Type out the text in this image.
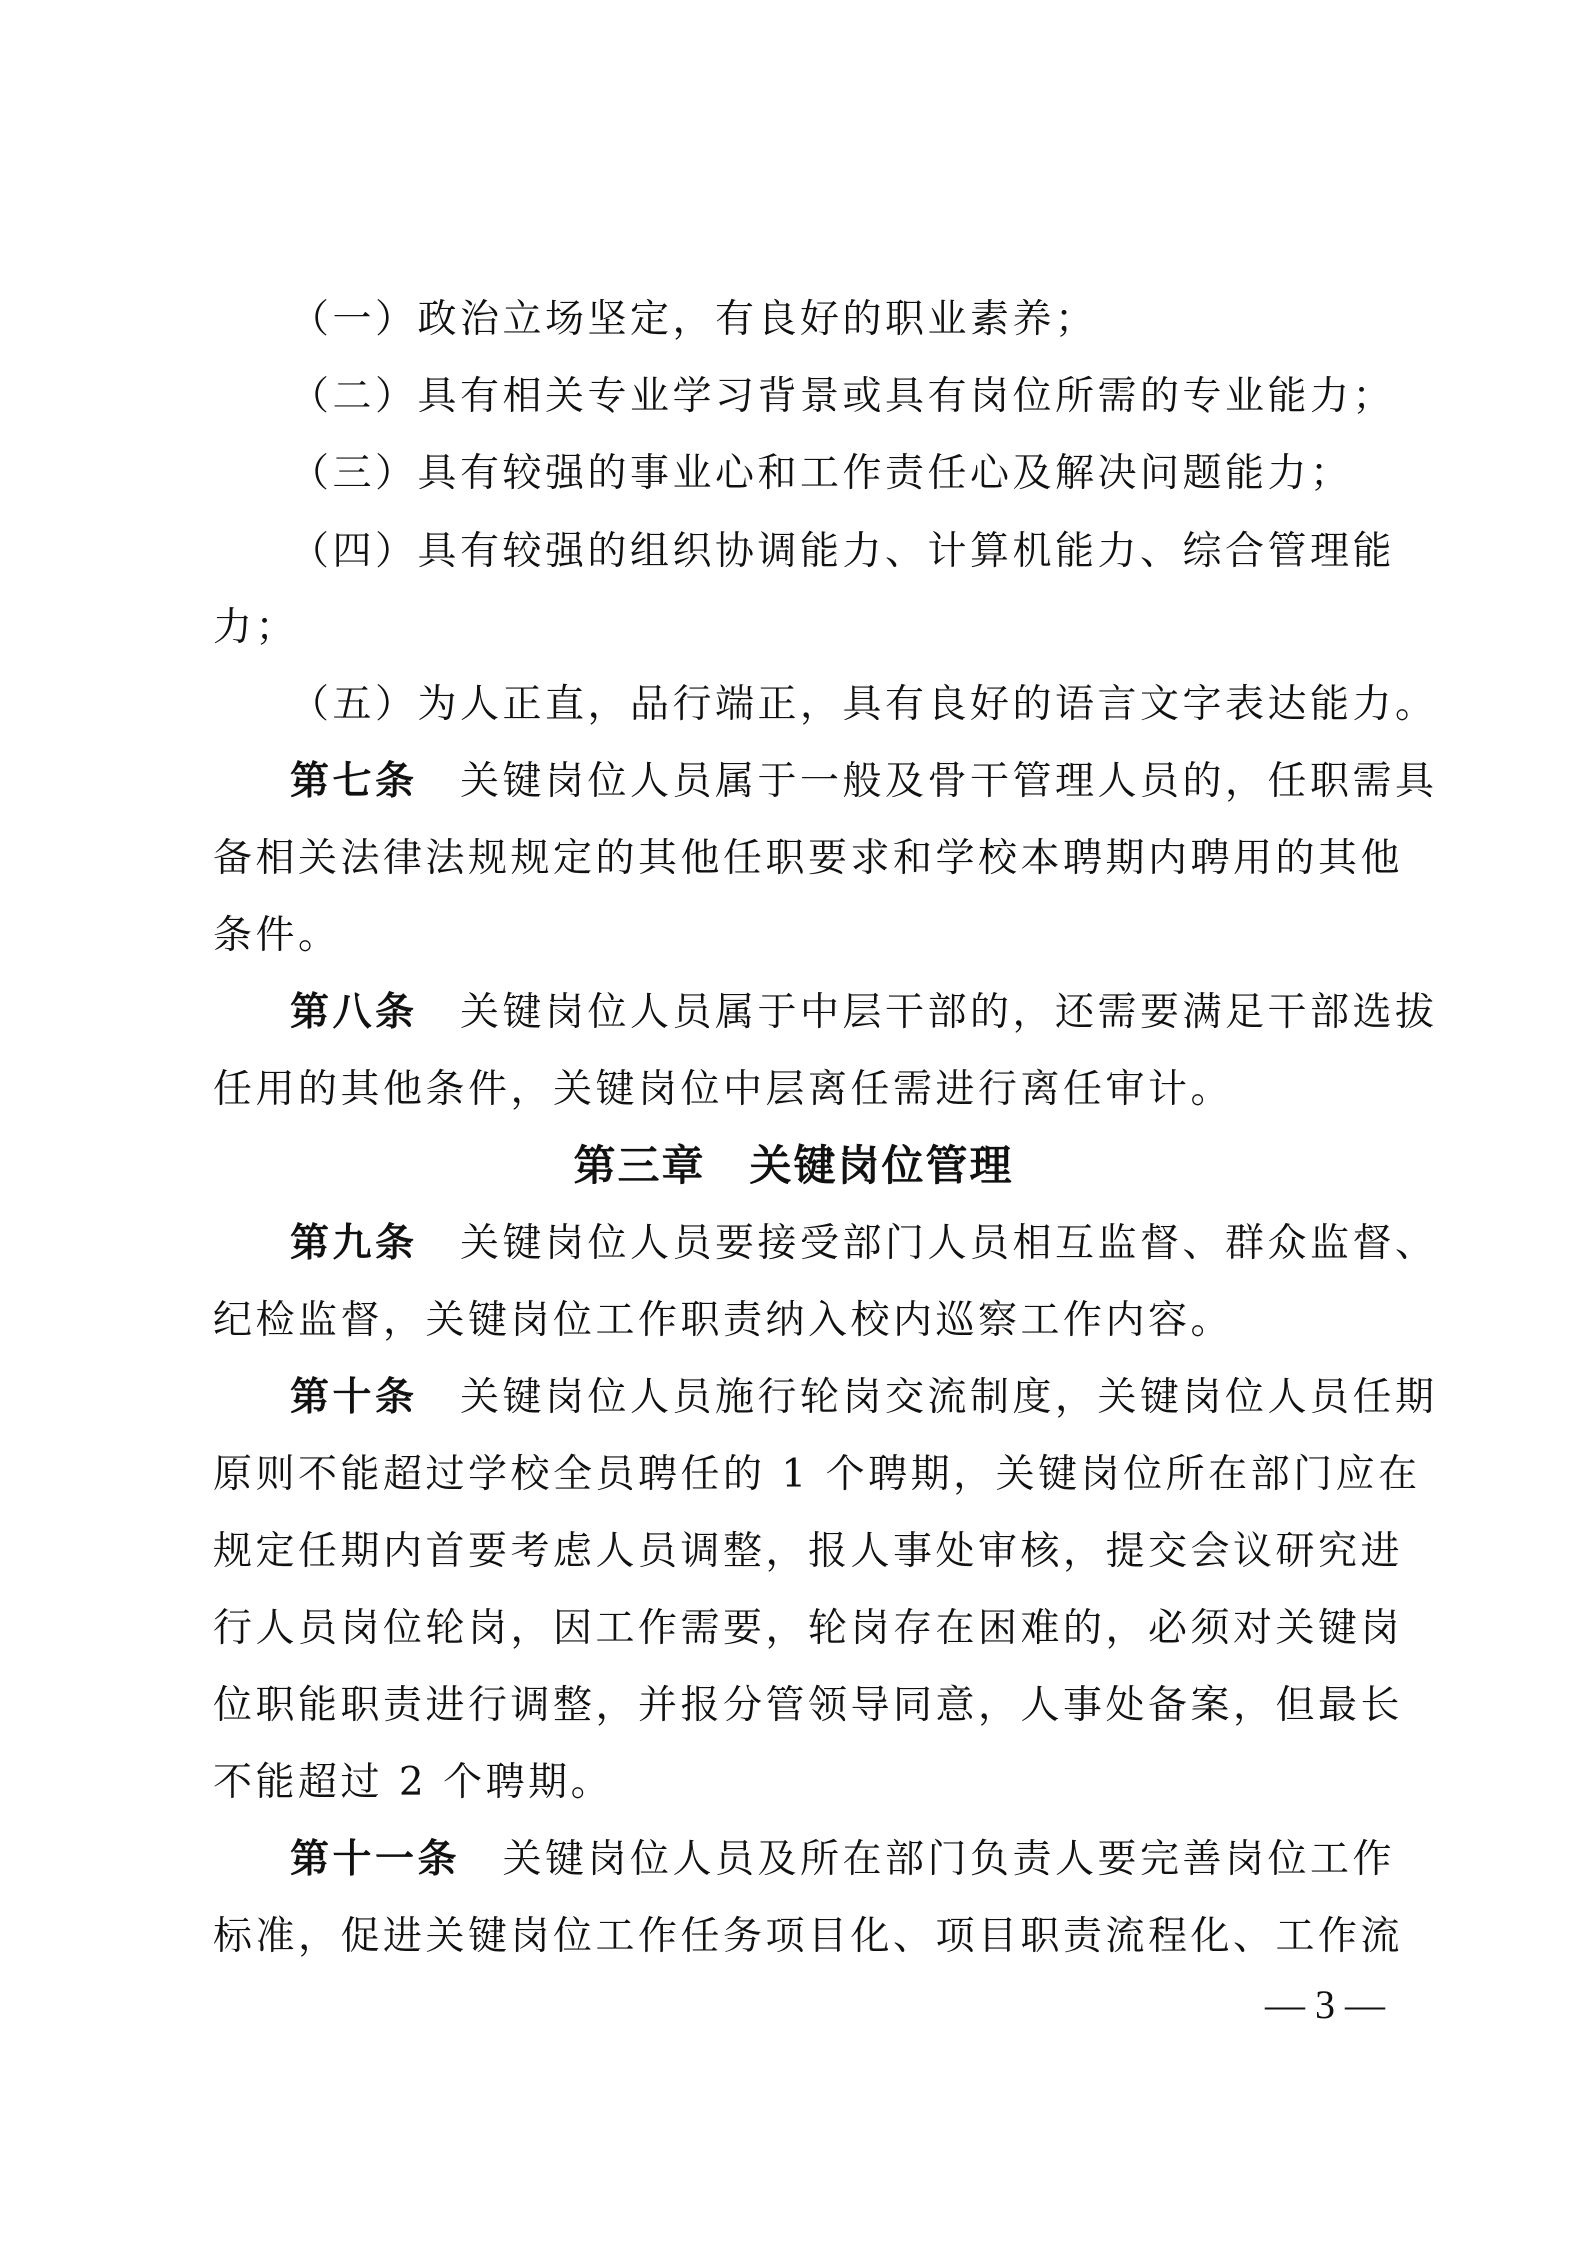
（一）政治立场坚定，有良好的职业素养；
（二）具有相关专业学习背景或具有岗位所需的专业能力；
（三）具有较强的事业心和工作责任心及解决问题能力；
（四）具有较强的组织协调能力、计算机能力、综合管理能
力；
（五）为人正直，品行端正，具有良好的语言文字表达能力。
第七条  关键岗位人员属于一般及骨干管理人员的，任职需具
备相关法律法规规定的其他任职要求和学校本聘期内聘用的其他
条件。
第八条  关键岗位人员属于中层干部的，还需要满足干部选拔
任用的其他条件，关键岗位中层离任需进行离任审计。
第三章　关键岗位管理
第九条  关键岗位人员要接受部门人员相互监督、群众监督、
纪检监督，关键岗位工作职责纳入校内巡察工作内容。
第十条  关键岗位人员施行轮岗交流制度，关键岗位人员任期
原则不能超过学校全员聘任的 1 个聘期，关键岗位所在部门应在
规定任期内首要考虑人员调整，报人事处审核，提交会议研究进
行人员岗位轮岗，因工作需要，轮岗存在困难的，必须对关键岗
位职能职责进行调整，并报分管领导同意，人事处备案，但最长
不能超过 2 个聘期。
第十一条  关键岗位人员及所在部门负责人要完善岗位工作
标准，促进关键岗位工作任务项目化、项目职责流程化、工作流
— 3 —
